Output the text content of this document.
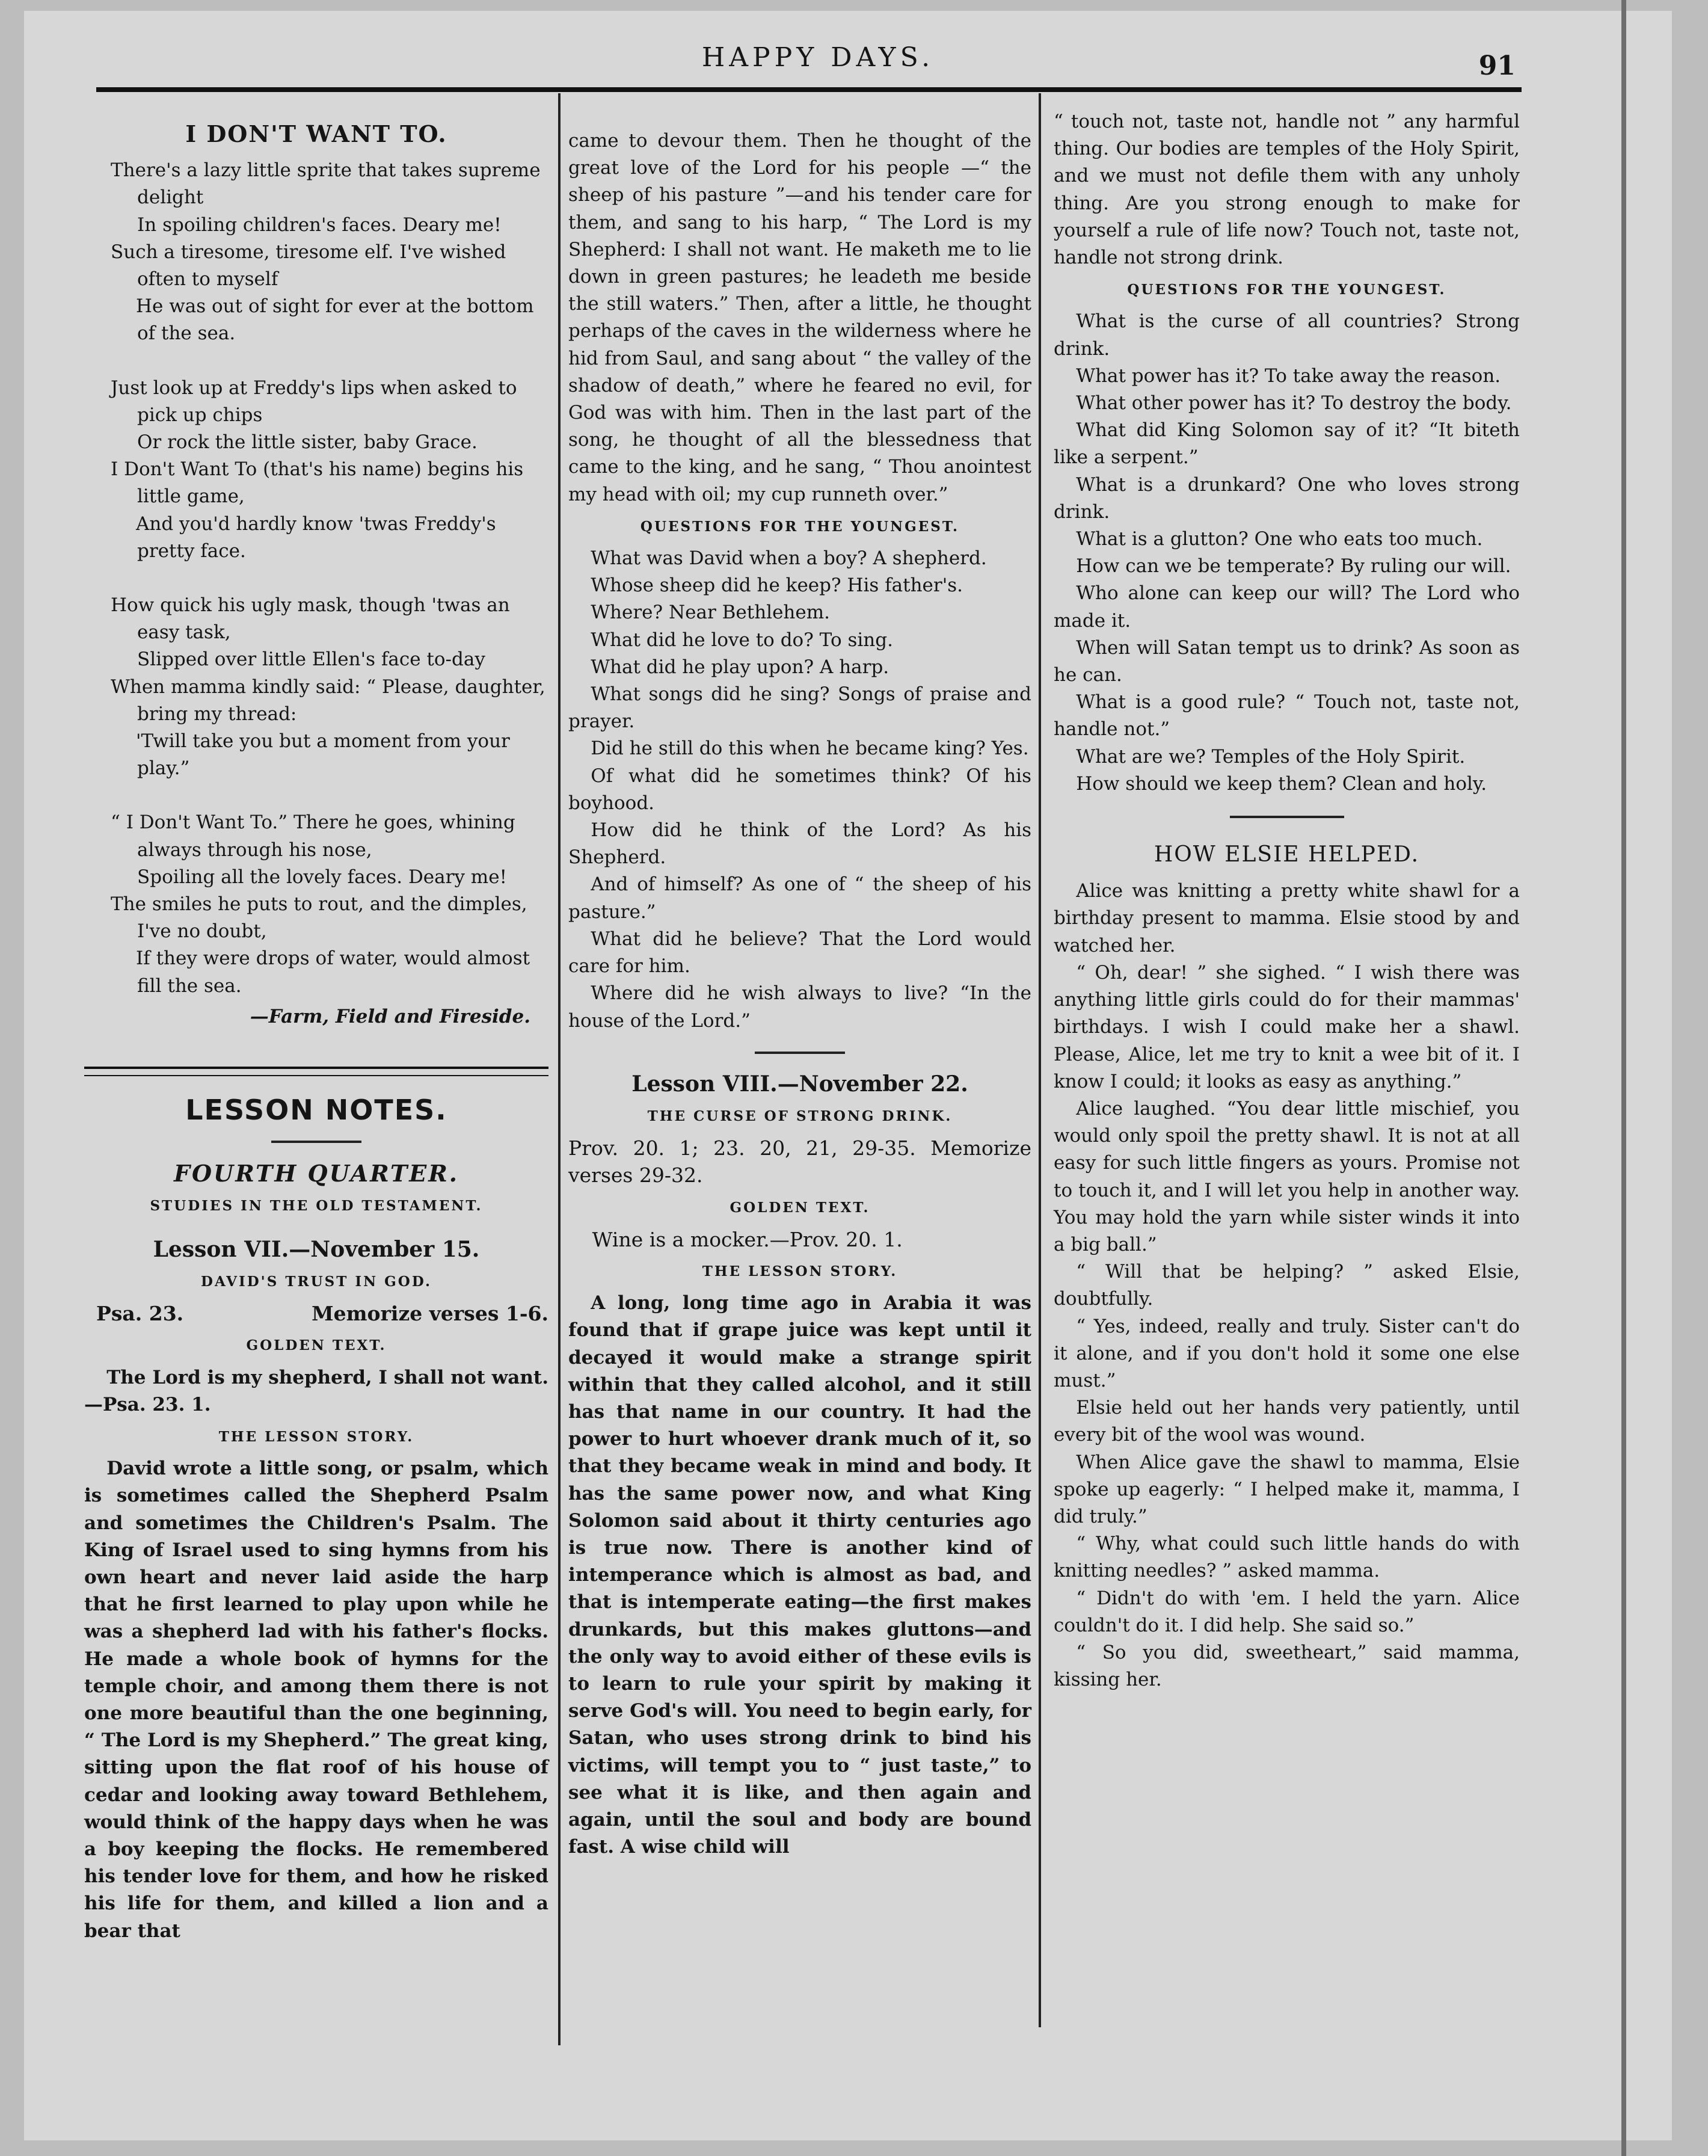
HAPPY DAYS.	91
I DON'T WANT TO.
There's a lazy little sprite that takes supreme delight
In spoiling children's faces. Deary me!
Such a tiresome, tiresome elf. I've wished often to myself
He was out of sight for ever at the bottom of the sea.
Just look up at Freddy's lips when asked to pick up chips
Or rock the little sister, baby Grace.
I Don't Want To (that's his name) begins his little game,
And you'd hardly know 'twas Freddy's pretty face.
How quick his ugly mask, though 'twas an easy task,
Slipped over little Ellen's face to-day
When mamma kindly said: “ Please, daughter, bring my thread:
'Twill take you but a moment from your play.”
“ I Don't Want To.” There he goes, whining always through his nose,
Spoiling all the lovely faces. Deary me!
The smiles he puts to rout, and the dimples, I've no doubt,
If they were drops of water, would almost fill the sea.
—Farm, Field and Fireside.
LESSON NOTES.
FOURTH QUARTER.
STUDIES IN THE OLD TESTAMENT.
Lesson VII.—November 15.
DAVID'S TRUST IN GOD.
Psa. 23.	Memorize verses 1-6.
GOLDEN TEXT.

The Lord is my shepherd, I shall not want.—Psa. 23. 1.

THE LESSON STORY.

David wrote a little song, or psalm, which is sometimes called the Shepherd Psalm and sometimes the Children's Psalm. The King of Israel used to sing hymns from his own heart and never laid aside the harp that he first learned to play upon while he was a shepherd lad with his father's flocks. He made a whole book of hymns for the temple choir, and among them there is not one more beautiful than the one beginning, “ The Lord is my Shepherd.” The great king, sitting upon the flat roof of his house of cedar and looking away toward Bethlehem, would think of the happy days when he was a boy keeping the flocks. He remembered his tender love for them, and how he risked his life for them, and killed a lion and a bear that

came to devour them. Then he thought of the great love of the Lord for his people —“ the sheep of his pasture ”—and his tender care for them, and sang to his harp, “ The Lord is my Shepherd: I shall not want. He maketh me to lie down in green pastures; he leadeth me beside the still waters.” Then, after a little, he thought perhaps of the caves in the wilderness where he hid from Saul, and sang about “ the valley of the shadow of death,” where he feared no evil, for God was with him. Then in the last part of the song, he thought of all the blessedness that came to the king, and he sang, “ Thou anointest my head with oil; my cup runneth over.”

QUESTIONS FOR THE YOUNGEST.

What was David when a boy? A shepherd.

Whose sheep did he keep? His father's.

Where? Near Bethlehem.

What did he love to do? To sing.

What did he play upon? A harp.

What songs did he sing? Songs of praise and prayer.

Did he still do this when he became king? Yes.

Of what did he sometimes think? Of his boyhood.

How did he think of the Lord? As his Shepherd.

And of himself? As one of “ the sheep of his pasture.”

What did he believe? That the Lord would care for him.

Where did he wish always to live? “In the house of the Lord.”

Lesson VIII.—November 22.
THE CURSE OF STRONG DRINK.

Prov. 20. 1; 23. 20, 21, 29-35. Memorize verses 29-32.

GOLDEN TEXT.

Wine is a mocker.—Prov. 20. 1.

THE LESSON STORY.

A long, long time ago in Arabia it was found that if grape juice was kept until it decayed it would make a strange spirit within that they called alcohol, and it still has that name in our country. It had the power to hurt whoever drank much of it, so that they became weak in mind and body. It has the same power now, and what King Solomon said about it thirty centuries ago is true now. There is another kind of intemperance which is almost as bad, and that is intemperate eating—the first makes drunkards, but this makes gluttons—and the only way to avoid either of these evils is to learn to rule your spirit by making it serve God's will. You need to begin early, for Satan, who uses strong drink to bind his victims, will tempt you to “ just taste,” to see what it is like, and then again and again, until the soul and body are bound fast. A wise child will

“ touch not, taste not, handle not ” any harmful thing. Our bodies are temples of the Holy Spirit, and we must not defile them with any unholy thing. Are you strong enough to make for yourself a rule of life now? Touch not, taste not, handle not strong drink.

QUESTIONS FOR THE YOUNGEST.

What is the curse of all countries? Strong drink.

What power has it? To take away the reason.

What other power has it? To destroy the body.

What did King Solomon say of it? “It biteth like a serpent.”

What is a drunkard? One who loves strong drink.

What is a glutton? One who eats too much.

How can we be temperate? By ruling our will.

Who alone can keep our will? The Lord who made it.

When will Satan tempt us to drink? As soon as he can.

What is a good rule? “ Touch not, taste not, handle not.”

What are we? Temples of the Holy Spirit.

How should we keep them? Clean and holy.

HOW ELSIE HELPED.

Alice was knitting a pretty white shawl for a birthday present to mamma. Elsie stood by and watched her.

“ Oh, dear! ” she sighed. “ I wish there was anything little girls could do for their mammas' birthdays. I wish I could make her a shawl. Please, Alice, let me try to knit a wee bit of it. I know I could; it looks as easy as anything.”

Alice laughed. “You dear little mischief, you would only spoil the pretty shawl. It is not at all easy for such little fingers as yours. Promise not to touch it, and I will let you help in another way. You may hold the yarn while sister winds it into a big ball.”

“ Will that be helping? ” asked Elsie, doubtfully.

“ Yes, indeed, really and truly. Sister can't do it alone, and if you don't hold it some one else must.”

Elsie held out her hands very patiently, until every bit of the wool was wound.

When Alice gave the shawl to mamma, Elsie spoke up eagerly: “ I helped make it, mamma, I did truly.”

“ Why, what could such little hands do with knitting needles? ” asked mamma.

“ Didn't do with 'em. I held the yarn. Alice couldn't do it. I did help. She said so.”

“ So you did, sweetheart,” said mamma, kissing her.
